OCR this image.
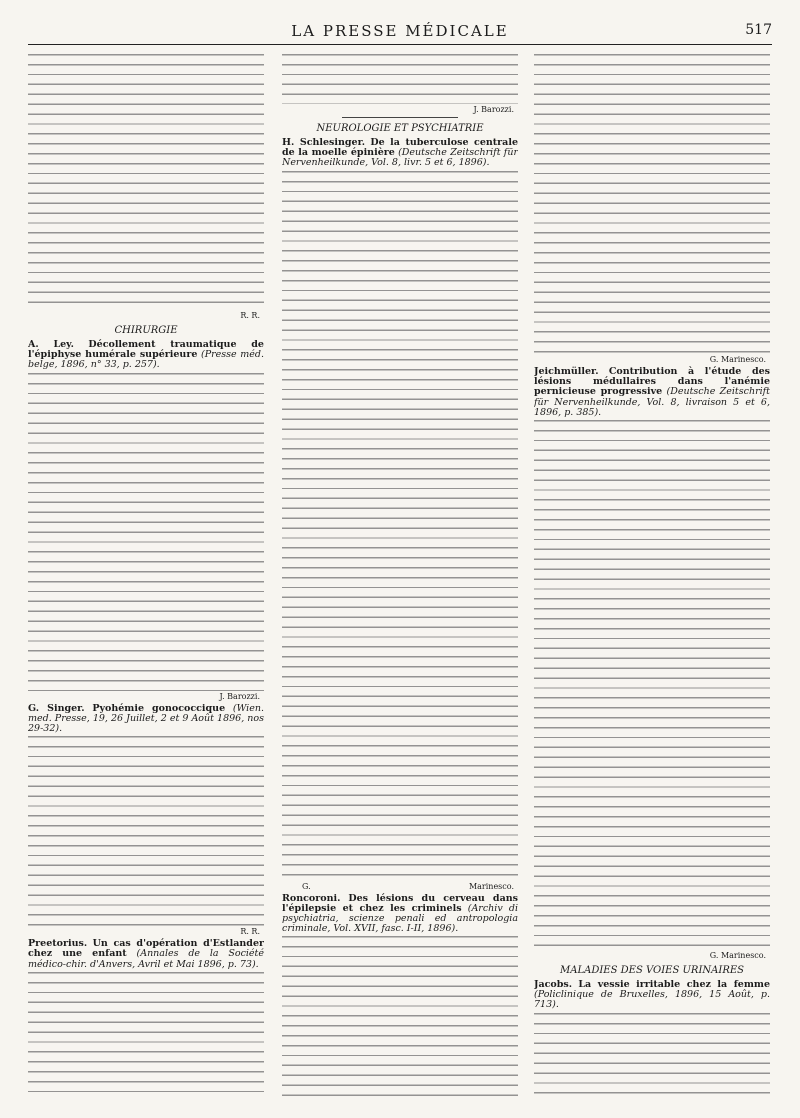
LA PRESSE MÉDICALE	517
R. R.
CHIRURGIE
A. Ley. Décollement traumatique de l'épiphyse humérale supérieure (Presse méd. belge, 1896, n° 33, p. 257).
J. Barozzi.
G. Singer. Pyohémie gonococcique (Wien. med. Presse, 19, 26 Juillet, 2 et 9 Août 1896, nos 29-32).
R. R.
Preetorius. Un cas d'opération d'Estlander chez une enfant (Annales de la Société médico-chir. d'Anvers, Avril et Mai 1896, p. 73).
J. Barozzi.
NEUROLOGIE ET PSYCHIATRIE
H. Schlesinger. De la tuberculose centrale de la moelle épinière (Deutsche Zeitschrift für Nervenheilkunde, Vol. 8, livr. 5 et 6, 1896).
G.	Marinesco.
Roncoroni. Des lésions du cerveau dans l'épilepsie et chez les criminels (Archiv di psychiatria, scienze penali ed antropologia criminale, Vol. XVII, fasc. I-II, 1896).
G. Marinesco.
Jeichmüller. Contribution à l'étude des lésions médullaires dans l'anémie pernicieuse progressive (Deutsche Zeitschrift für Nervenheilkunde, Vol. 8, livraison 5 et 6, 1896, p. 385).
G. Marinesco.
MALADIES DES VOIES URINAIRES
Jacobs. La vessie irritable chez la femme (Policlinique de Bruxelles, 1896, 15 Août, p. 713).
